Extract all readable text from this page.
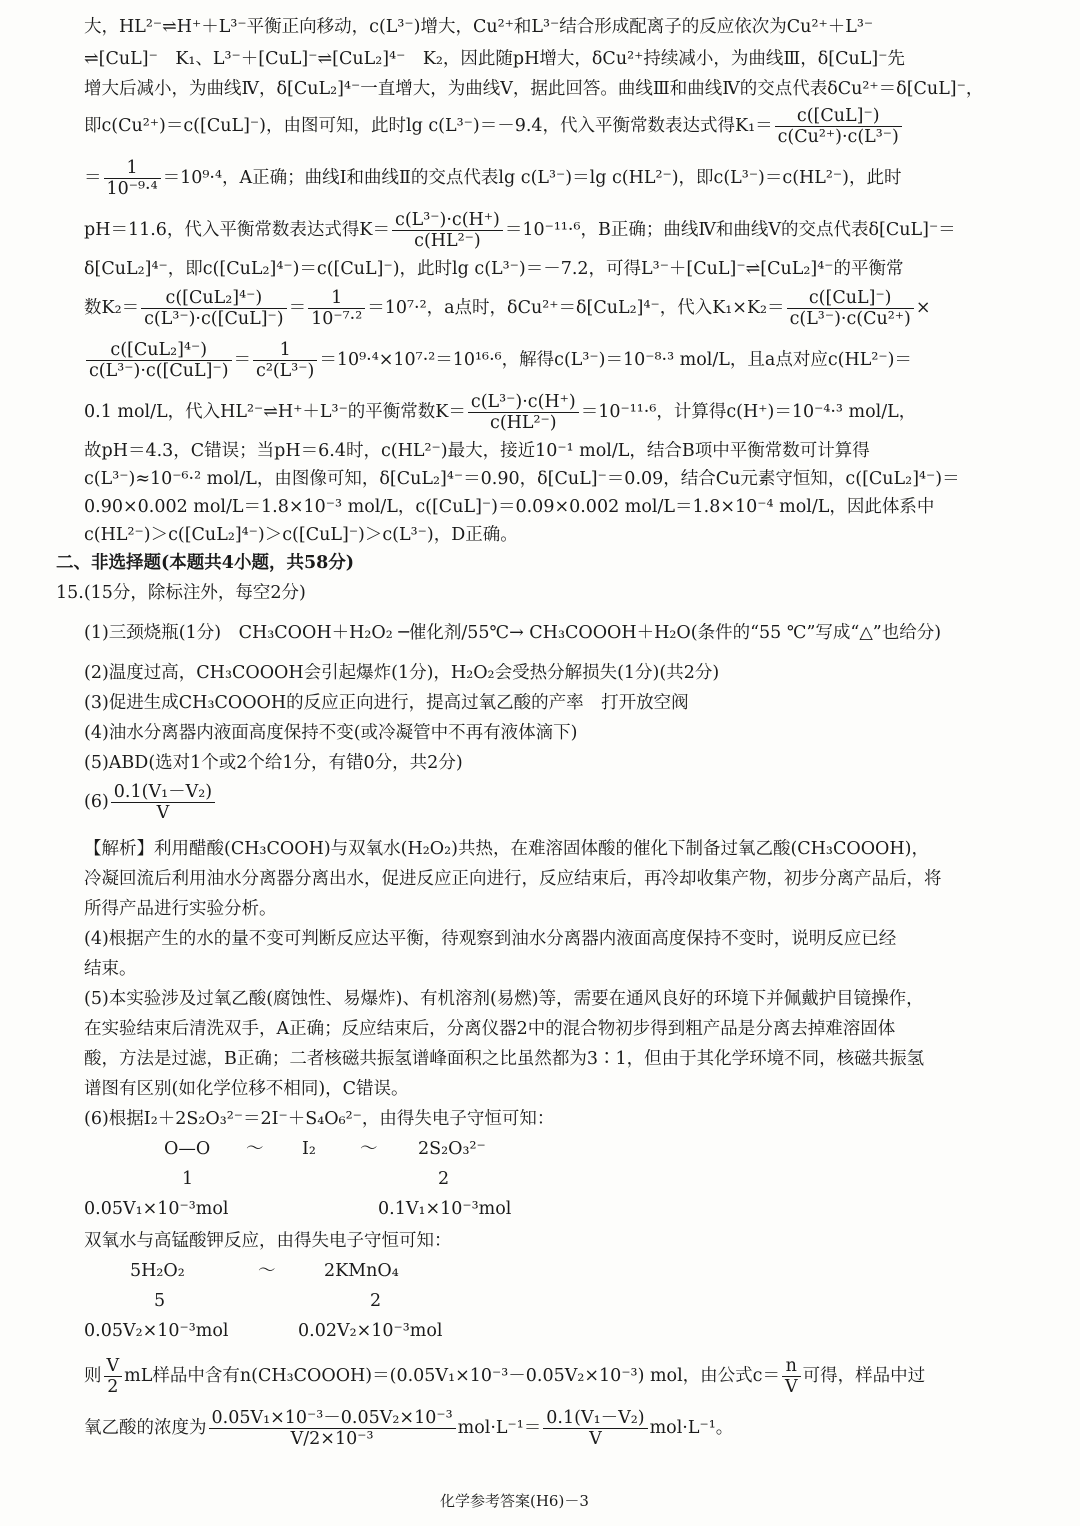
大，HL²⁻⇌H⁺＋L³⁻平衡正向移动，c(L³⁻)增大，Cu²⁺和L³⁻结合形成配离子的反应依次为Cu²⁺＋L³⁻
⇌[CuL]⁻　K₁、L³⁻＋[CuL]⁻⇌[CuL₂]⁴⁻　K₂，因此随pH增大，δCu²⁺持续减小，为曲线Ⅲ，δ[CuL]⁻先
增大后减小，为曲线Ⅳ，δ[CuL₂]⁴⁻一直增大，为曲线Ⅴ，据此回答。曲线Ⅲ和曲线Ⅳ的交点代表δCu²⁺＝δ[CuL]⁻，
即c(Cu²⁺)＝c([CuL]⁻)，由图可知，此时lg c(L³⁻)＝－9.4，代入平衡常数表达式得$K_1= \frac{\text{c([CuL]⁻)}}{\text{c(Cu²⁺)·c(L³⁻)}}$
＝ $\frac{1}{\text{10⁻⁹·⁴}} =10^9\cdot^4$，A正确；曲线Ⅰ和曲线Ⅱ的交点代表lg c(L³⁻)＝lg c(HL²⁻)，即c(L³⁻)＝c(HL²⁻)，此时
pH＝11.6，代入平衡常数表达式得$K= \frac{\text{c(L³⁻)·c(H⁺)}}{\text{c(HL²⁻)}} =10^{-11}\cdot^6$，B正确；曲线Ⅳ和曲线Ⅴ的交点代表δ[CuL]⁻＝
δ[CuL₂]⁴⁻，即c([CuL₂]⁴⁻)＝c([CuL]⁻)，此时lg c(L³⁻)＝－7.2，可得L³⁻＋[CuL]⁻⇌[CuL₂]⁴⁻的平衡常
数$K_2= \frac{\text{c([CuL₂]⁴⁻)}}{\text{c(L³⁻)·c([CuL]⁻)}} = \frac{1}{\text{10⁻⁷·²}} =10^7\cdot^2$，a点时，δCu²⁺＝δ[CuL₂]⁴⁻，代入$K_1\times K_2= \frac{\text{c([CuL]⁻)}}{\text{c(L³⁻)·c(Cu²⁺)}}$ ×
$\frac{\text{c([CuL₂]⁴⁻)}}{\text{c(L³⁻)·c([CuL]⁻)}} = \frac{1}{\text{c²(L³⁻)}} =10^9\cdot^4\times 10^7\cdot^2=10^{16}\cdot^6$，解得c(L³⁻)＝10⁻⁸·³ mol/L，且a点对应c(HL²⁻)＝
0.1 mol/L，代入HL²⁻⇌H⁺＋L³⁻的平衡常数$K= \frac{\text{c(L³⁻)·c(H⁺)}}{\text{c(HL²⁻)}} =10^{-11}\cdot^6$，计算得c(H⁺)＝10⁻⁴·³ mol/L，
故pH＝4.3，C错误；当pH＝6.4时，c(HL²⁻)最大，接近10⁻¹ mol/L，结合B项中平衡常数可计算得
c(L³⁻)≈10⁻⁶·² mol/L，由图像可知，δ[CuL₂]⁴⁻＝0.90，δ[CuL]⁻＝0.09，结合Cu元素守恒知，c([CuL₂]⁴⁻)＝
0.90×0.002 mol/L＝1.8×10⁻³ mol/L，c([CuL]⁻)＝0.09×0.002 mol/L＝1.8×10⁻⁴ mol/L，因此体系中
c(HL²⁻)＞c([CuL₂]⁴⁻)＞c([CuL]⁻)＞c(L³⁻)，D正确。
二、非选择题(本题共4小题，共58分)
15.(15分，除标注外，每空2分)
(1)三颈烧瓶(1分)　CH₃COOH＋H₂O₂ ─催化剂/55℃→ CH₃COOOH＋H₂O(条件的“55 ℃”写成“△”也给分)
(2)温度过高，CH₃COOOH会引起爆炸(1分)，H₂O₂会受热分解损失(1分)(共2分)
(3)促进生成CH₃COOOH的反应正向进行，提高过氧乙酸的产率　打开放空阀
(4)油水分离器内液面高度保持不变(或冷凝管中不再有液体滴下)
(5)ABD(选对1个或2个给1分，有错0分，共2分)
$(6) \frac{\text{0.1(V₁－V₂)}}{V}$
【解析】利用醋酸(CH₃COOH)与双氧水(H₂O₂)共热，在难溶固体酸的催化下制备过氧乙酸(CH₃COOOH)，
冷凝回流后利用油水分离器分离出水，促进反应正向进行，反应结束后，再冷却收集产物，初步分离产品后，将
所得产品进行实验分析。
(4)根据产生的水的量不变可判断反应达平衡，待观察到油水分离器内液面高度保持不变时，说明反应已经
结束。
(5)本实验涉及过氧乙酸(腐蚀性、易爆炸)、有机溶剂(易燃)等，需要在通风良好的环境下并佩戴护目镜操作，
在实验结束后清洗双手，A正确；反应结束后，分离仪器2中的混合物初步得到粗产品是分离去掉难溶固体
酸，方法是过滤，B正确；二者核磁共振氢谱峰面积之比虽然都为3∶1，但由于其化学环境不同，核磁共振氢
谱图有区别(如化学位移不相同)，C错误。
(6)根据I₂＋2S₂O₃²⁻＝2I⁻＋S₄O₆²⁻，由得失电子守恒可知：
O—O ～ I₂	～ 2S₂O₃²⁻
1	2
0.05V₁×10⁻³mol	0.1V₁×10⁻³mol
双氧水与高锰酸钾反应，由得失电子守恒可知：
5H₂O₂	～	2KMnO₄
5	2
0.05V₂×10⁻³mol	0.02V₂×10⁻³mol
则 $\frac{V}{2}$ mL样品中含有n(CH₃COOOH)＝(0.05V₁×10⁻³－0.05V₂×10⁻³) mol，由公式$c= \frac{n}{V}$ 可得，样品中过
氧乙酸的浓度为 $\frac{\text{0.05V₁×10⁻³－0.05V₂×10⁻³}}{\text{V/2×10⁻³}} mol\cdot L^{-1}= \frac{\text{0.1(V₁－V₂)}}{V} mol\cdot L^{-1}$。
化学参考答案(H6)－3
